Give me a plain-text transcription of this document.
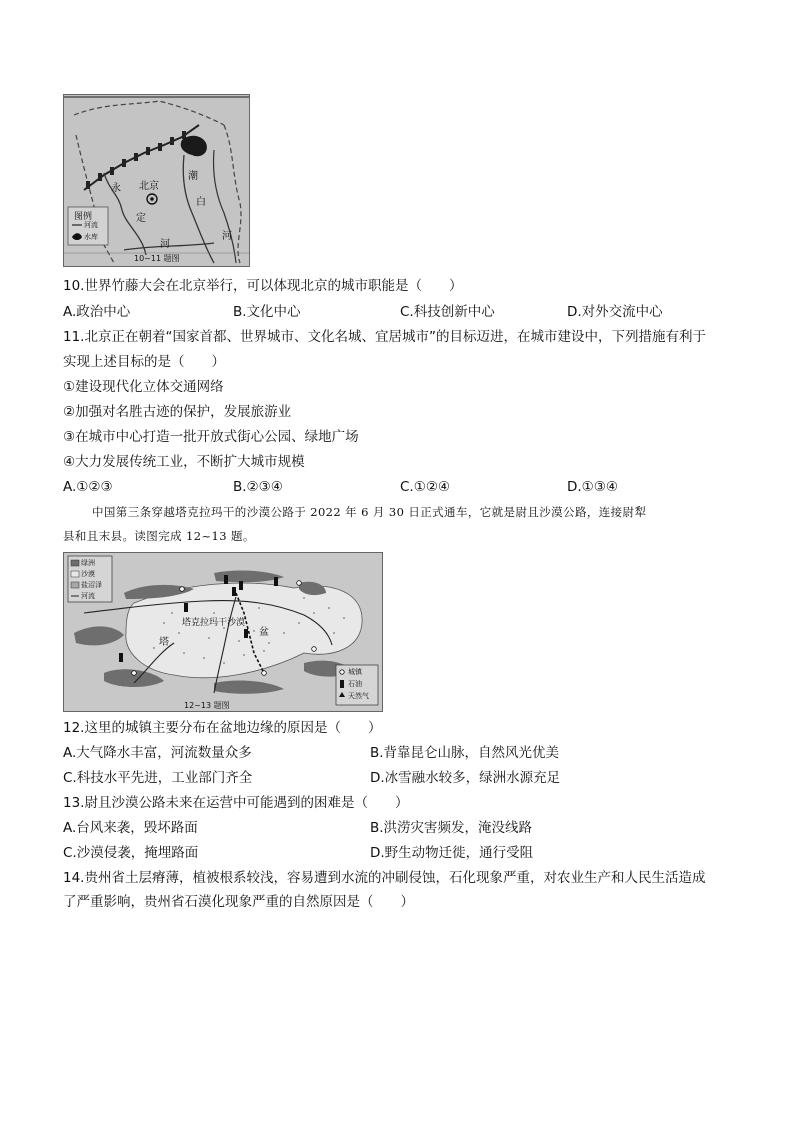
永 北京
潮
白
定
河
河
图例
河流
水库
10~11 题图
10.世界竹藤大会在北京举行，可以体现北京的城市职能是（　　）
A.政治中心	B.文化中心	C.科技创新中心	D.对外交流中心
11.北京正在朝着“国家首都、世界城市、文化名城、宜居城市”的目标迈进，在城市建设中，下列措施有利于
实现上述目标的是（　　）
①建设现代化立体交通网络
②加强对名胜古迹的保护，发展旅游业
③在城市中心打造一批开放式街心公园、绿地广场
④大力发展传统工业，不断扩大城市规模
A.①②③	B.②③④	C.①②④	D.①③④
中国第三条穿越塔克拉玛干的沙漠公路于 2022 年 6 月 30 日正式通车，它就是尉且沙漠公路，连接尉犁
县和且末县。读图完成 12~13 题。
绿洲
沙漠
盐沼泽
河流
城镇
石油
天然气
塔克拉玛干沙漠
塔
盆
12~13 题图
12.这里的城镇主要分布在盆地边缘的原因是（　　）
A.大气降水丰富，河流数量众多	B.背靠昆仑山脉，自然风光优美
C.科技水平先进，工业部门齐全	D.冰雪融水较多，绿洲水源充足
13.尉且沙漠公路未来在运营中可能遇到的困难是（　　）
A.台风来袭，毁坏路面	B.洪涝灾害频发，淹没线路
C.沙漠侵袭，掩埋路面	D.野生动物迁徙，通行受阻
14.贵州省土层瘠薄，植被根系较浅，容易遭到水流的冲刷侵蚀，石化现象严重，对农业生产和人民生活造成
了严重影响，贵州省石漠化现象严重的自然原因是（　　）
